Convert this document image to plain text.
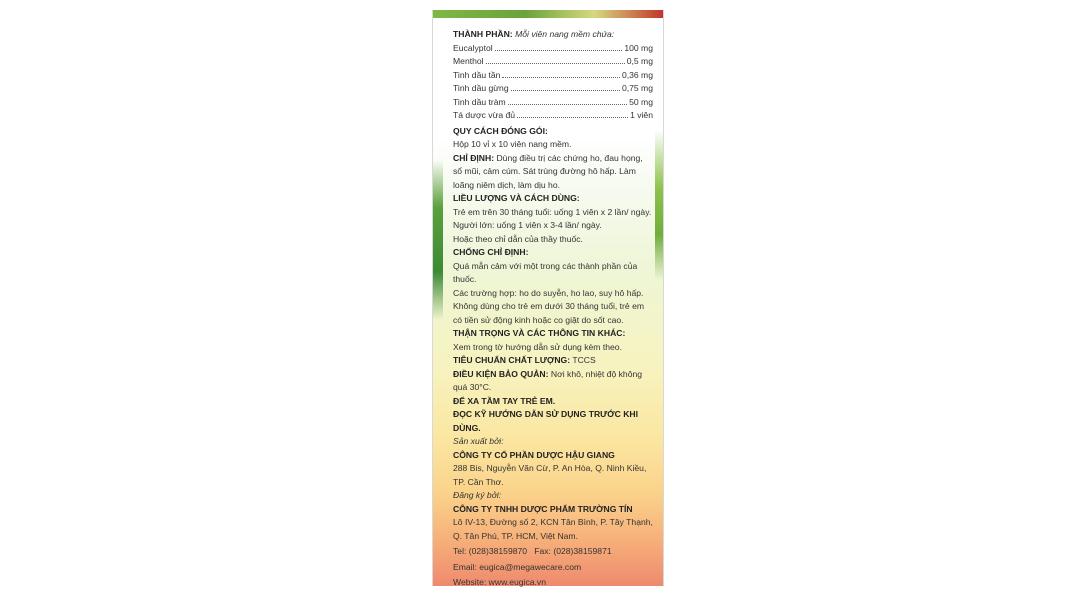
THÀNH PHẦN: Mỗi viên nang mềm chứa:

Eucalyptol	100 mg
Menthol	0,5 mg
Tinh dầu tần	0,36 mg
Tinh dầu gừng	0,75 mg
Tinh dầu tràm	50 mg
Tá dược vừa đủ	1 viên

QUY CÁCH ĐÓNG GÓI:

Hộp 10 vỉ x 10 viên nang mềm.

CHỈ ĐỊNH: Dùng điều trị các chứng ho, đau họng, sổ mũi, cảm cúm. Sát trùng đường hô hấp. Làm loãng niêm dịch, làm dịu ho.

LIỀU LƯỢNG VÀ CÁCH DÙNG:

Trẻ em trên 30 tháng tuổi: uống 1 viên x 2 lần/ ngày.

Người lớn: uống 1 viên x 3-4 lần/ ngày.

Hoặc theo chỉ dẫn của thầy thuốc.

CHỐNG CHỈ ĐỊNH:

Quá mẫn cảm với một trong các thành phần của thuốc.

Các trường hợp: ho do suyễn, ho lao, suy hô hấp. Không dùng cho trẻ em dưới 30 tháng tuổi, trẻ em có tiền sử động kinh hoặc co giật do sốt cao.

THẬN TRỌNG VÀ CÁC THÔNG TIN KHÁC:

Xem trong tờ hướng dẫn sử dụng kèm theo.

TIÊU CHUẨN CHẤT LƯỢNG: TCCS

ĐIỀU KIỆN BẢO QUẢN: Nơi khô, nhiệt độ không quá 30°C.

ĐỂ XA TẦM TAY TRẺ EM.

ĐỌC KỸ HƯỚNG DẪN SỬ DỤNG TRƯỚC KHI DÙNG.

Sản xuất bởi:

CÔNG TY CỔ PHẦN DƯỢC HẬU GIANG

288 Bis, Nguyễn Văn Cừ, P. An Hòa, Q. Ninh Kiều, TP. Cần Thơ.

Đăng ký bởi:

CÔNG TY TNHH DƯỢC PHẨM TRƯỜNG TÍN

Lô IV-13, Đường số 2, KCN Tân Bình, P. Tây Thạnh, Q. Tân Phú, TP. HCM, Việt Nam.

Tel: (028)38159870 Fax: (028)38159871

Email: eugica@megawecare.com

Website: www.eugica.vn
